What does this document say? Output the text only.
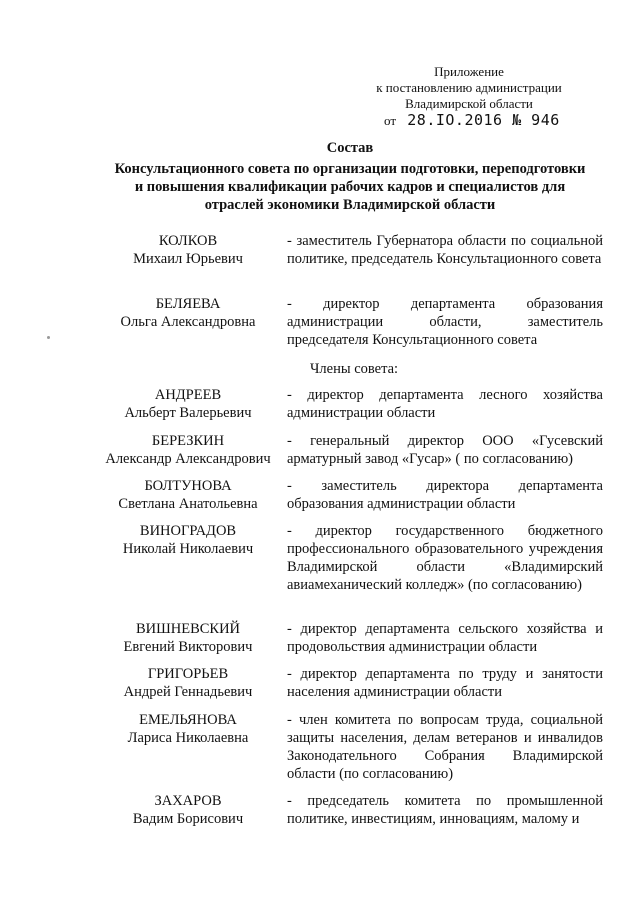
Приложение
к постановлению администрации
Владимирской области
от 28.IO.2016 № 946
Состав
Консультационного совета по организации подготовки, переподготовки
и повышения квалификации рабочих кадров и специалистов для
отраслей экономики Владимирской области
КОЛКОВ
Михаил Юрьевич
- заместитель Губернатора области по социальной политике, председатель Консультационного совета
БЕЛЯЕВА
Ольга Александровна
- директор департамента образования администрации области, заместитель председателя Консультационного совета
Члены совета:
АНДРЕЕВ
Альберт Валерьевич
- директор департамента лесного хозяйства администрации области
БЕРЕЗКИН
Александр Александрович
- генеральный директор ООО «Гусевский арматурный завод «Гусар» ( по согласованию)
БОЛТУНОВА
Светлана Анатольевна
- заместитель директора департамента образования администрации области
ВИНОГРАДОВ
Николай Николаевич
- директор государственного бюджетного профессионального образовательного учреждения Владимирской области «Владимирский авиамеханический колледж» (по согласованию)
ВИШНЕВСКИЙ
Евгений Викторович
- директор департамента сельского хозяйства и продовольствия администрации области
ГРИГОРЬЕВ
Андрей Геннадьевич
- директор департамента по труду и занятости населения администрации области
ЕМЕЛЬЯНОВА
Лариса Николаевна
- член комитета по вопросам труда, социальной защиты населения, делам ветеранов и инвалидов Законодательного Собрания Владимирской области (по согласованию)
ЗАХАРОВ
Вадим Борисович
- председатель комитета по промышленной политике, инвестициям, инновациям, малому и
